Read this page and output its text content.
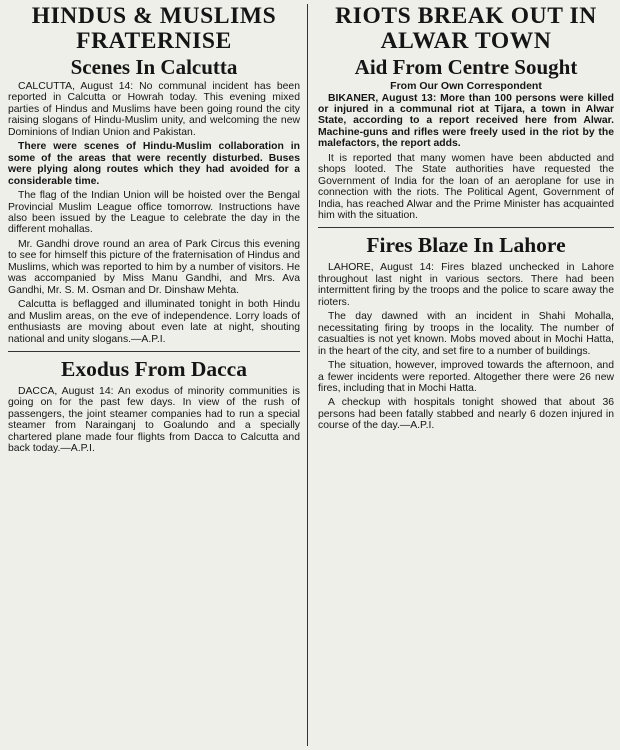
HINDUS & MUSLIMS FRATERNISE
Scenes In Calcutta

CALCUTTA, August 14: No communal incident has been reported in Calcutta or Howrah today. This evening mixed parties of Hindus and Muslims have been going round the city raising slogans of Hindu-Muslim unity, and welcoming the new Dominions of Indian Union and Pakistan.

There were scenes of Hindu-Muslim collaboration in some of the areas that were recently disturbed. Buses were plying along routes which they had avoided for a considerable time.

The flag of the Indian Union will be hoisted over the Bengal Provincial Muslim League office tomorrow. Instructions have also been issued by the League to celebrate the day in the different mohallas.

Mr. Gandhi drove round an area of Park Circus this evening to see for himself this picture of the fraternisation of Hindus and Muslims, which was reported to him by a number of visitors. He was accompanied by Miss Manu Gandhi, and Mrs. Ava Gandhi, Mr. S. M. Osman and Dr. Dinshaw Mehta.

Calcutta is beflagged and illuminated tonight in both Hindu and Muslim areas, on the eve of independence. Lorry loads of enthusiasts are moving about even late at night, shouting national and unity slogans.—A.P.I.

Exodus From Dacca

DACCA, August 14: An exodus of minority communities is going on for the past few days. In view of the rush of passengers, the joint steamer companies had to run a special steamer from Narainganj to Goalundo and a specially chartered plane made four flights from Dacca to Calcutta and back today.—A.P.I.

RIOTS BREAK OUT IN ALWAR TOWN
Aid From Centre Sought
From Our Own Correspondent

BIKANER, August 13: More than 100 persons were killed or injured in a communal riot at Tijara, a town in Alwar State, according to a report received here from Alwar. Machine-guns and rifles were freely used in the riot by the malefactors, the report adds.

It is reported that many women have been abducted and shops looted. The State authorities have requested the Government of India for the loan of an aeroplane for use in connection with the riots. The Political Agent, Government of India, has reached Alwar and the Prime Minister has acquainted him with the situation.

Fires Blaze In Lahore

LAHORE, August 14: Fires blazed unchecked in Lahore throughout last night in various sectors. There had been intermittent firing by the troops and the police to scare away the rioters.

The day dawned with an incident in Shahi Mohalla, necessitating firing by troops in the locality. The number of casualties is not yet known. Mobs moved about in Mochi Hatta, in the heart of the city, and set fire to a number of buildings.

The situation, however, improved towards the afternoon, and a fewer incidents were reported. Altogether there were 26 new fires, including that in Mochi Hatta.

A checkup with hospitals tonight showed that about 36 persons had been fatally stabbed and nearly 6 dozen injured in course of the day.—A.P.I.
